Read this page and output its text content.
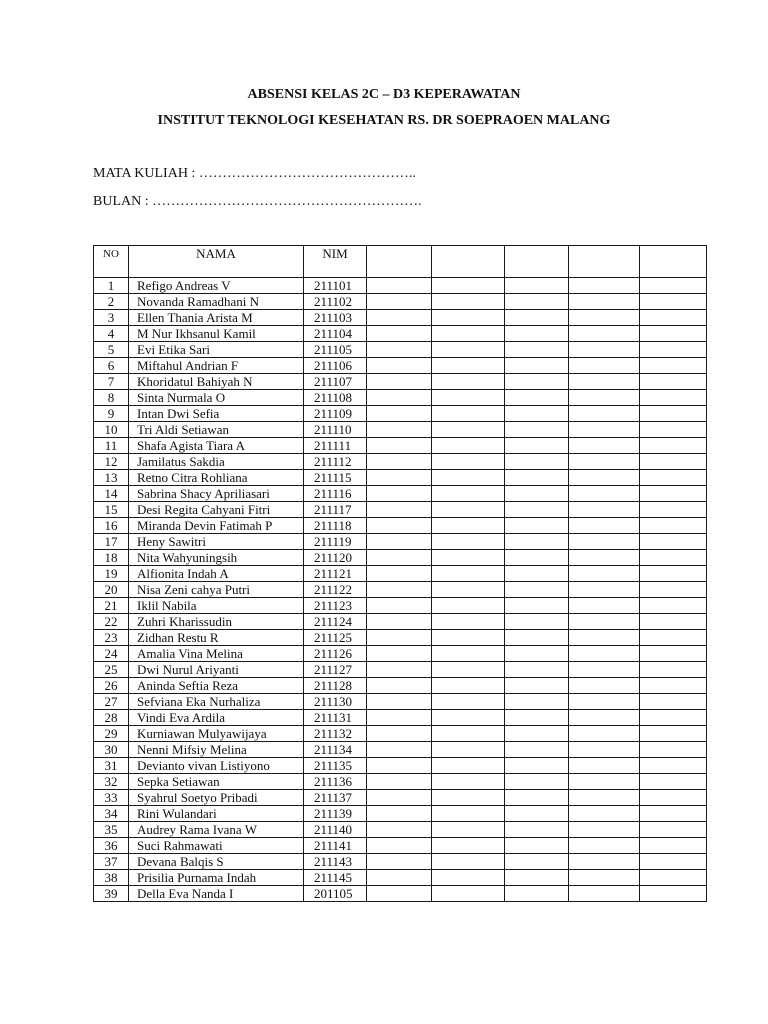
ABSENSI KELAS 2C – D3 KEPERAWATAN
INSTITUT TEKNOLOGI KESEHATAN RS. DR SOEPRAOEN MALANG
MATA KULIAH : ………………………………………..
BULAN : ………………………………………………….
NO	NAMA	NIM					
1	Refigo Andreas V	211101					
2	Novanda Ramadhani N	211102					
3	Ellen Thania Arista M	211103					
4	M Nur Ikhsanul Kamil	211104					
5	Evi Etika Sari	211105					
6	Miftahul Andrian F	211106					
7	Khoridatul Bahiyah N	211107					
8	Sinta Nurmala O	211108					
9	Intan Dwi Sefia	211109					
10	Tri Aldi Setiawan	211110					
11	Shafa Agista Tiara A	211111					
12	Jamilatus Sakdia	211112					
13	Retno Citra Rohliana	211115					
14	Sabrina Shacy Apriliasari	211116					
15	Desi Regita Cahyani Fitri	211117					
16	Miranda Devin Fatimah P	211118					
17	Heny Sawitri	211119					
18	Nita Wahyuningsih	211120					
19	Alfionita Indah A	211121					
20	Nisa Zeni cahya Putri	211122					
21	Iklil Nabila	211123					
22	Zuhri Kharissudin	211124					
23	Zidhan Restu R	211125					
24	Amalia Vina Melina	211126					
25	Dwi Nurul Ariyanti	211127					
26	Aninda Seftia Reza	211128					
27	Sefviana Eka Nurhaliza	211130					
28	Vindi Eva Ardila	211131					
29	Kurniawan Mulyawijaya	211132					
30	Nenni Mifsiy Melina	211134					
31	Devianto vivan Listiyono	211135					
32	Sepka Setiawan	211136					
33	Syahrul Soetyo Pribadi	211137					
34	Rini Wulandari	211139					
35	Audrey Rama Ivana W	211140					
36	Suci Rahmawati	211141					
37	Devana Balqis S	211143					
38	Prisilia Purnama Indah	211145					
39	Della Eva Nanda I	201105					
